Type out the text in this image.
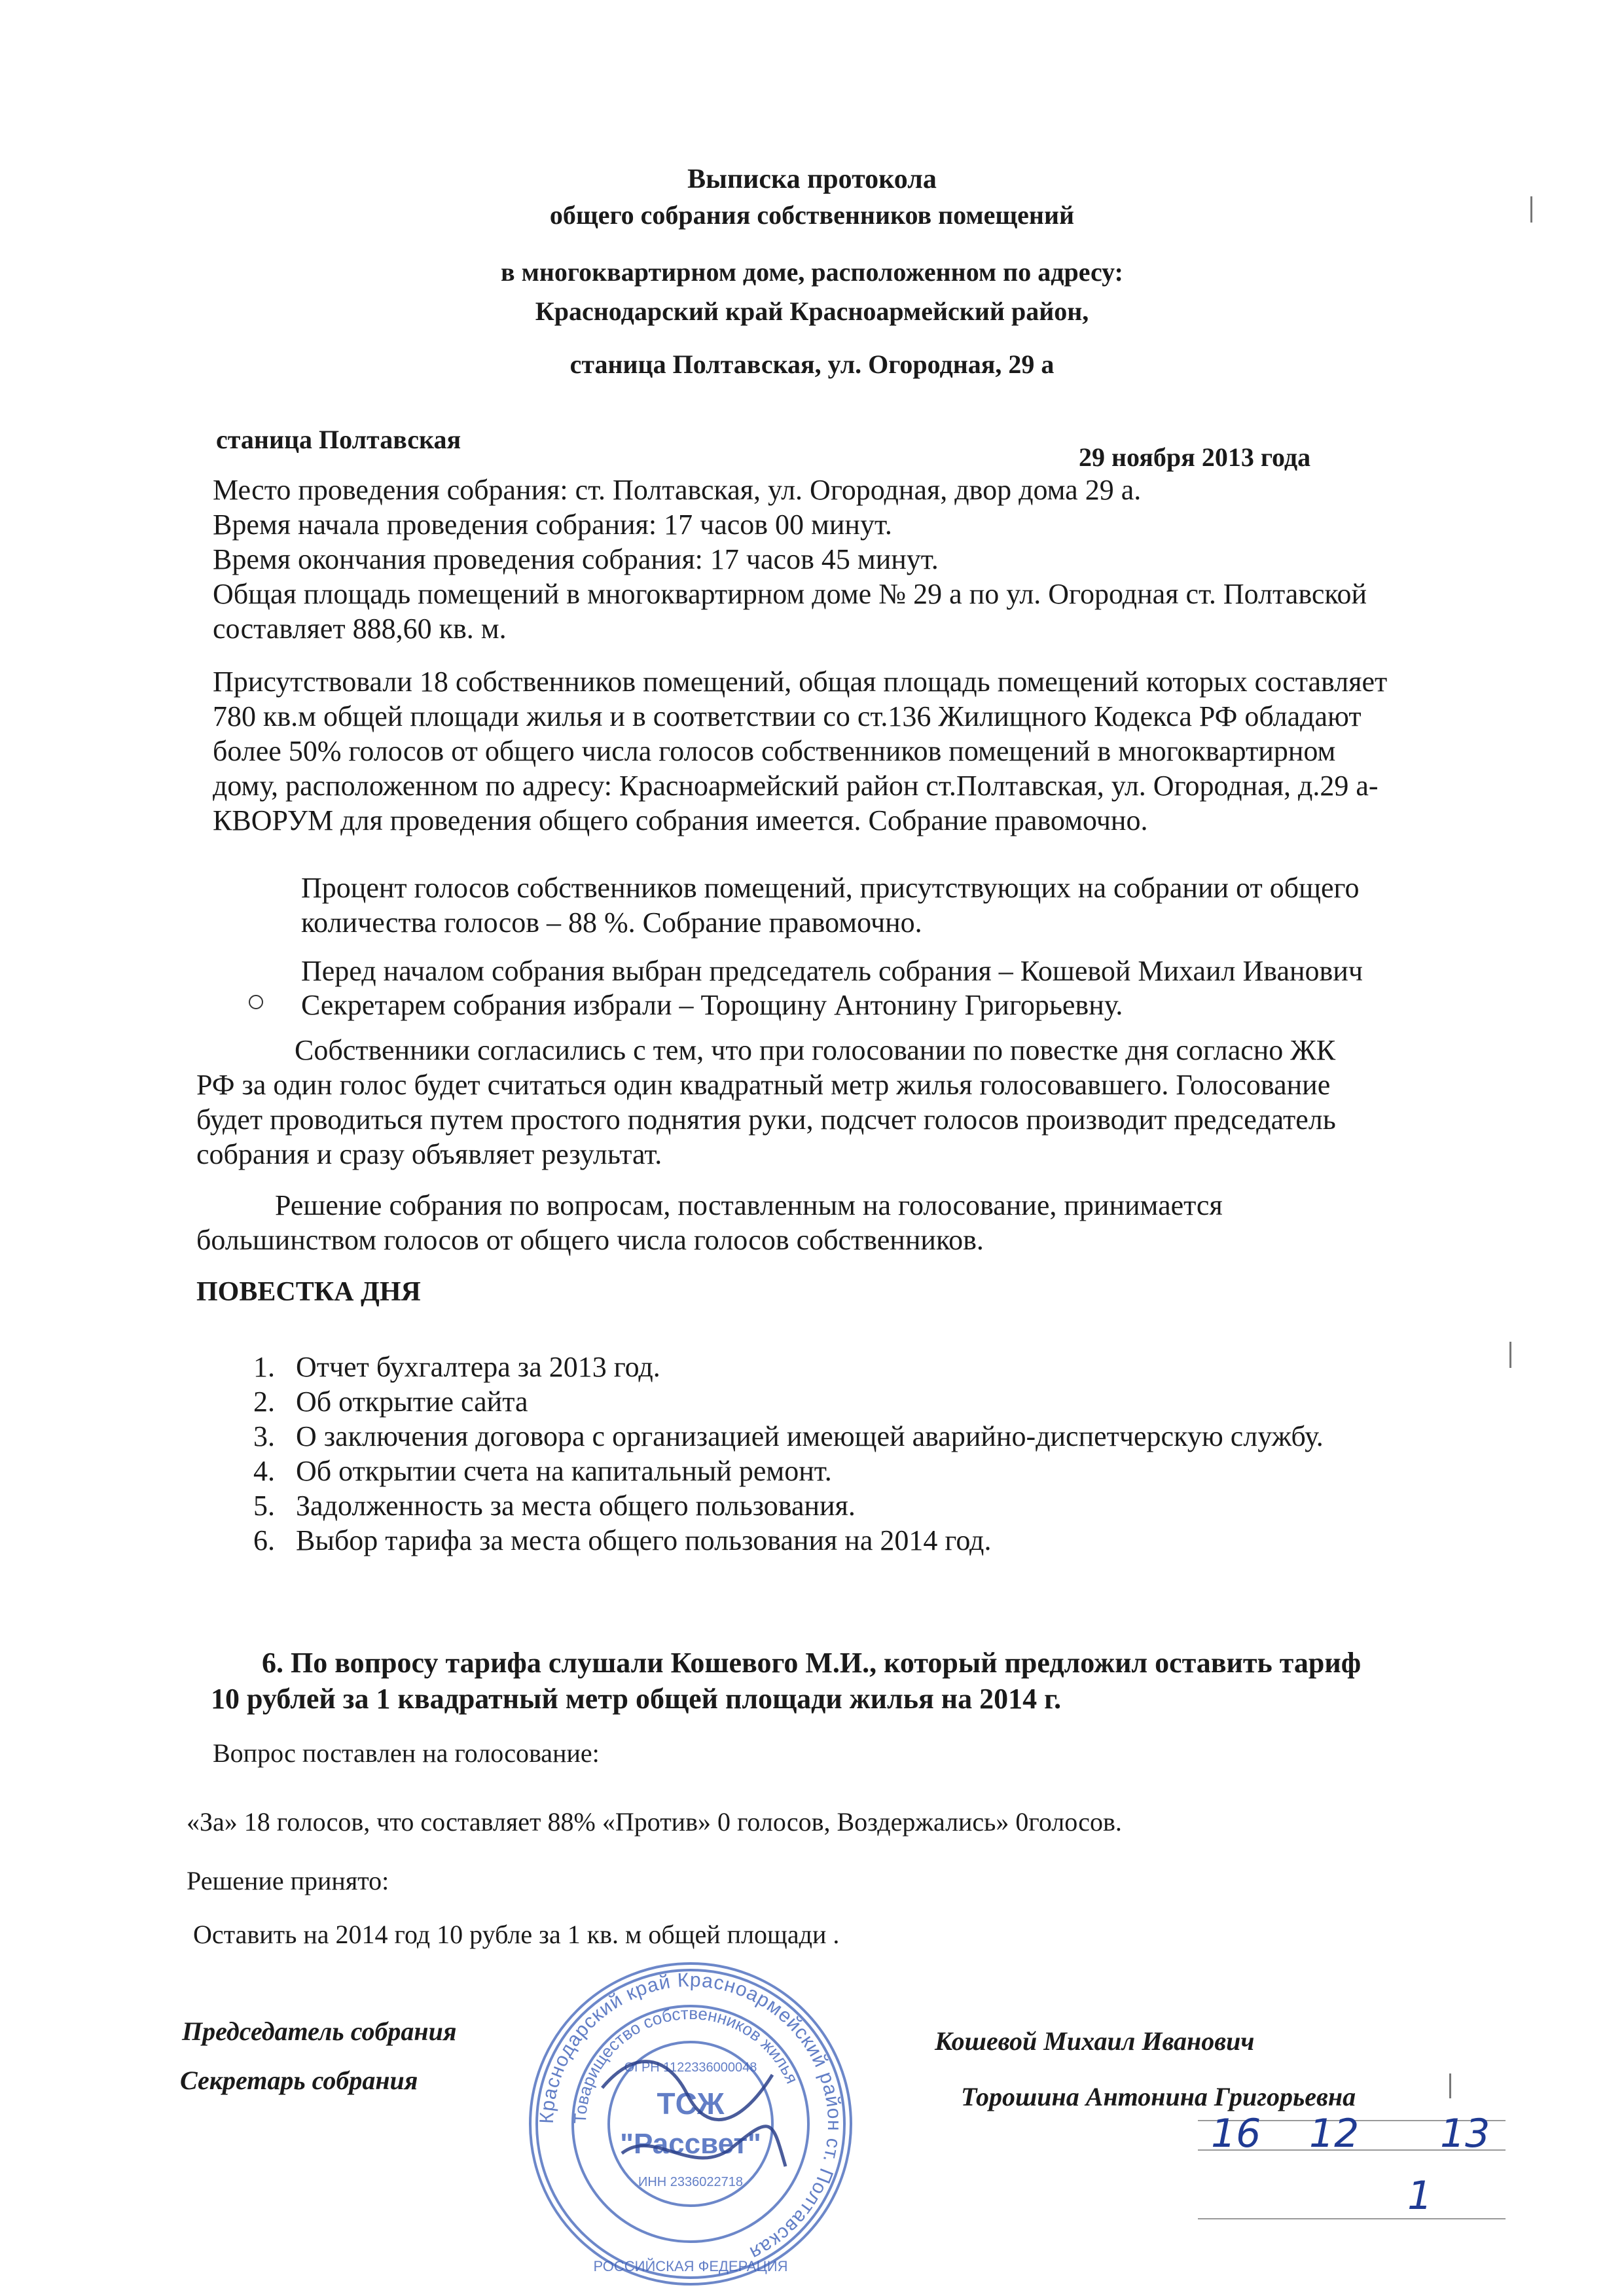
Выписка протокола
общего собрания собственников помещений
в многоквартирном доме, расположенном по адресу:
Краснодарский край Красноармейский район,
станица Полтавская, ул. Огородная, 29 а
станица Полтавская
29 ноября 2013 года
Место проведения собрания: ст. Полтавская, ул. Огородная, двор дома 29 а.
Время начала проведения собрания: 17 часов 00 минут.
Время окончания проведения собрания: 17 часов 45 минут.
Общая площадь помещений в многоквартирном доме № 29 а по ул. Огородная ст. Полтавской
составляет 888,60 кв. м.
Присутствовали 18 собственников помещений, общая площадь помещений которых составляет
780 кв.м общей площади жилья и в соответствии со ст.136 Жилищного Кодекса РФ обладают
более 50% голосов от общего числа голосов собственников помещений в многоквартирном
дому, расположенном по адресу: Красноармейский район ст.Полтавская, ул. Огородная, д.29 а-
КВОРУМ для проведения общего собрания имеется. Собрание правомочно.
Процент голосов собственников помещений, присутствующих на собрании от общего
количества голосов – 88 %. Собрание правомочно.
Перед началом собрания выбран председатель собрания – Кошевой Михаил Иванович
Секретарем собрания избрали – Торощину Антонину Григорьевну.
Собственники согласились с тем, что при голосовании по повестке дня согласно ЖК
РФ за один голос будет считаться один квадратный метр жилья голосовавшего. Голосование
будет проводиться путем простого поднятия руки, подсчет голосов производит председатель
собрания и сразу объявляет результат.
Решение собрания по вопросам, поставленным на голосование, принимается
большинством голосов от общего числа голосов собственников.
ПОВЕСТКА ДНЯ
1. Отчет бухгалтера за 2013 год.
2. Об открытие сайта
3. О заключения договора с организацией имеющей аварийно-диспетчерскую службу.
4. Об открытии счета на капитальный ремонт.
5. Задолженность за места общего пользования.
6. Выбор тарифа за места общего пользования на 2014 год.
6. По вопросу тарифа слушали Кошевого М.И., который предложил оставить тариф
10 рублей за 1 квадратный метр общей площади жилья на 2014 г.
Вопрос поставлен на голосование:
«За» 18 голосов, что составляет 88% «Против» 0 голосов, Воздержались» 0голосов.
Решение принято:
Оставить на 2014 год 10 рубле за 1 кв. м общей площади .
Председатель собрания
Секретарь собрания
Кошевой Михаил Иванович
Торошина Антонина Григорьевна
Краснодарский край Красноармейский район ст. Полтавская
Товарищество собственников жилья
ТСЖ
"Рассвет"
ОГРН 1122336000048
ИНН 2336022718
РОССИЙСКАЯ ФЕДЕРАЦИЯ
16 12 13
1
